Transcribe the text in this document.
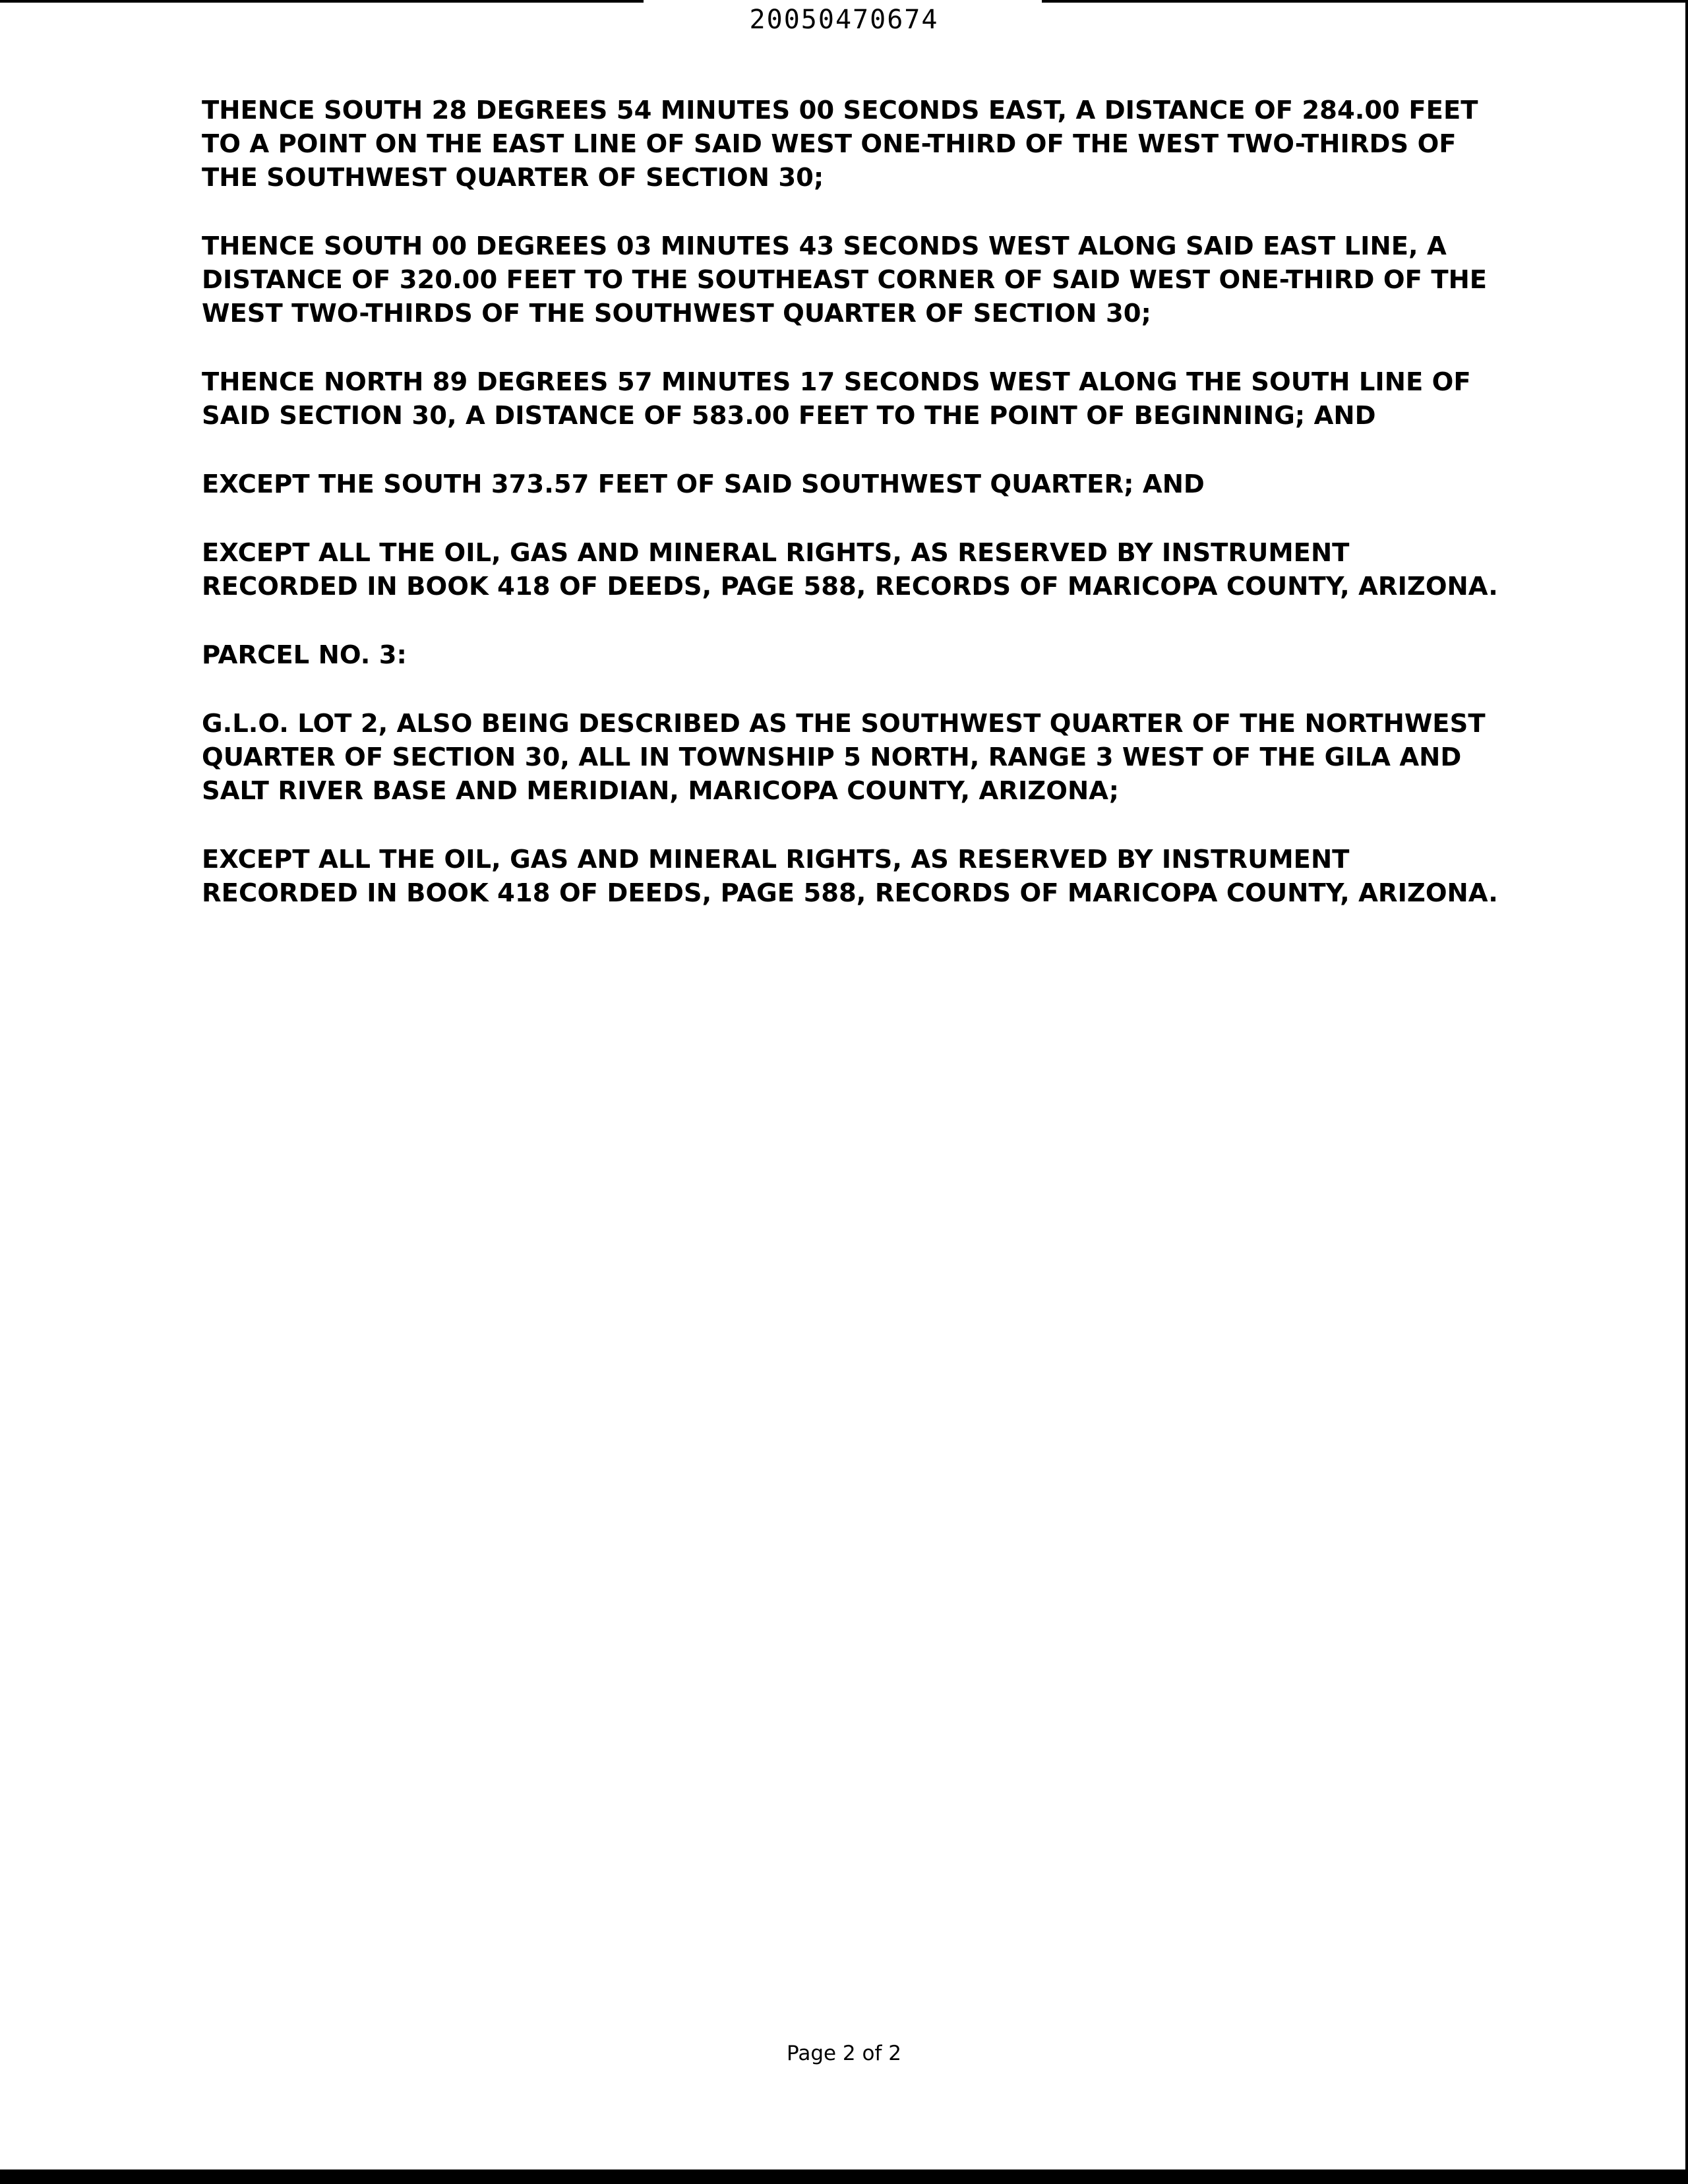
20050470674

THENCE SOUTH 28 DEGREES 54 MINUTES 00 SECONDS EAST, A DISTANCE OF 284.00 FEET
TO A POINT ON THE EAST LINE OF SAID WEST ONE-THIRD OF THE WEST TWO-THIRDS OF
THE SOUTHWEST QUARTER OF SECTION 30;

THENCE SOUTH 00 DEGREES 03 MINUTES 43 SECONDS WEST ALONG SAID EAST LINE, A
DISTANCE OF 320.00 FEET TO THE SOUTHEAST CORNER OF SAID WEST ONE-THIRD OF THE
WEST TWO-THIRDS OF THE SOUTHWEST QUARTER OF SECTION 30;

THENCE NORTH 89 DEGREES 57 MINUTES 17 SECONDS WEST ALONG THE SOUTH LINE OF
SAID SECTION 30, A DISTANCE OF 583.00 FEET TO THE POINT OF BEGINNING; AND

EXCEPT THE SOUTH 373.57 FEET OF SAID SOUTHWEST QUARTER; AND

EXCEPT ALL THE OIL, GAS AND MINERAL RIGHTS, AS RESERVED BY INSTRUMENT
RECORDED IN BOOK 418 OF DEEDS, PAGE 588, RECORDS OF MARICOPA COUNTY, ARIZONA.

PARCEL NO. 3:

G.L.O. LOT 2, ALSO BEING DESCRIBED AS THE SOUTHWEST QUARTER OF THE NORTHWEST
QUARTER OF SECTION 30, ALL IN TOWNSHIP 5 NORTH, RANGE 3 WEST OF THE GILA AND
SALT RIVER BASE AND MERIDIAN, MARICOPA COUNTY, ARIZONA;

EXCEPT ALL THE OIL, GAS AND MINERAL RIGHTS, AS RESERVED BY INSTRUMENT
RECORDED IN BOOK 418 OF DEEDS, PAGE 588, RECORDS OF MARICOPA COUNTY, ARIZONA.

Page 2 of 2
